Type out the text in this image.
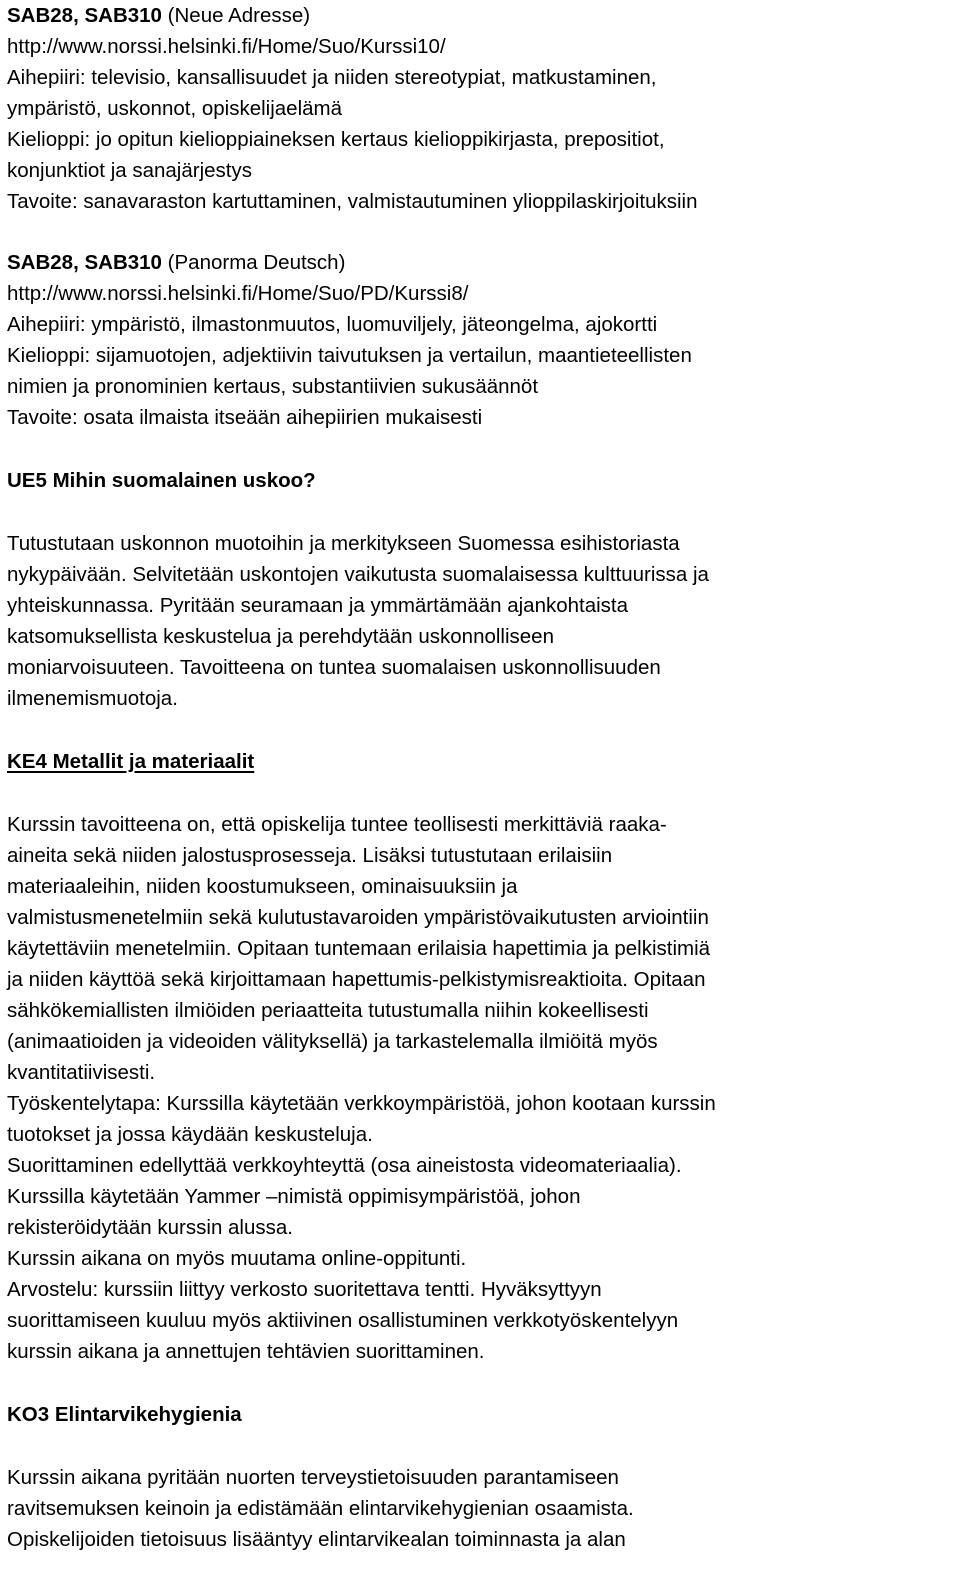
SAB28, SAB310 (Neue Adresse)
http://www.norssi.helsinki.fi/Home/Suo/Kurssi10/
Aihepiiri: televisio, kansallisuudet ja niiden stereotypiat, matkustaminen,
ympäristö, uskonnot, opiskelijaelämä
Kielioppi: jo opitun kielioppiaineksen kertaus kielioppikirjasta, prepositiot,
konjunktiot ja sanajärjestys
Tavoite: sanavaraston kartuttaminen, valmistautuminen ylioppilaskirjoituksiin
SAB28, SAB310 (Panorma Deutsch)
http://www.norssi.helsinki.fi/Home/Suo/PD/Kurssi8/
Aihepiiri: ympäristö, ilmastonmuutos, luomuviljely, jäteongelma, ajokortti
Kielioppi: sijamuotojen, adjektiivin taivutuksen ja vertailun, maantieteellisten
nimien ja pronominien kertaus, substantiivien sukusäännöt
Tavoite: osata ilmaista itseään aihepiirien mukaisesti
UE5 Mihin suomalainen uskoo?
Tutustutaan uskonnon muotoihin ja merkitykseen Suomessa esihistoriasta
nykypäivään. Selvitetään uskontojen vaikutusta suomalaisessa kulttuurissa ja
yhteiskunnassa. Pyritään seuramaan ja ymmärtämään ajankohtaista
katsomuksellista keskustelua ja perehdytään uskonnolliseen
moniarvoisuuteen. Tavoitteena on tuntea suomalaisen uskonnollisuuden
ilmenemismuotoja.
KE4 Metallit ja materiaalit
Kurssin tavoitteena on, että opiskelija tuntee teollisesti merkittäviä raaka-
aineita sekä niiden jalostusprosesseja. Lisäksi tutustutaan erilaisiin
materiaaleihin, niiden koostumukseen, ominaisuuksiin ja
valmistusmenetelmiin sekä kulutustavaroiden ympäristövaikutusten arviointiin
käytettäviin menetelmiin. Opitaan tuntemaan erilaisia hapettimia ja pelkistimiä
ja niiden käyttöä sekä kirjoittamaan hapettumis-pelkistymisreaktioita. Opitaan
sähkökemiallisten ilmiöiden periaatteita tutustumalla niihin kokeellisesti
(animaatioiden ja videoiden välityksellä) ja tarkastelemalla ilmiöitä myös
kvantitatiivisesti.
Työskentelytapa: Kurssilla käytetään verkkoympäristöä, johon kootaan kurssin
tuotokset ja jossa käydään keskusteluja.
Suorittaminen edellyttää verkkoyhteyttä (osa aineistosta videomateriaalia).
Kurssilla käytetään Yammer –nimistä oppimisympäristöä, johon
rekisteröidytään kurssin alussa.
Kurssin aikana on myös muutama online-oppitunti.
Arvostelu: kurssiin liittyy verkosto suoritettava tentti. Hyväksyttyyn
suorittamiseen kuuluu myös aktiivinen osallistuminen verkkotyöskentelyyn
kurssin aikana ja annettujen tehtävien suorittaminen.
KO3 Elintarvikehygienia
Kurssin aikana pyritään nuorten terveystietoisuuden parantamiseen
ravitsemuksen keinoin ja edistämään elintarvikehygienian osaamista.
Opiskelijoiden tietoisuus lisääntyy elintarvikealan toiminnasta ja alan
